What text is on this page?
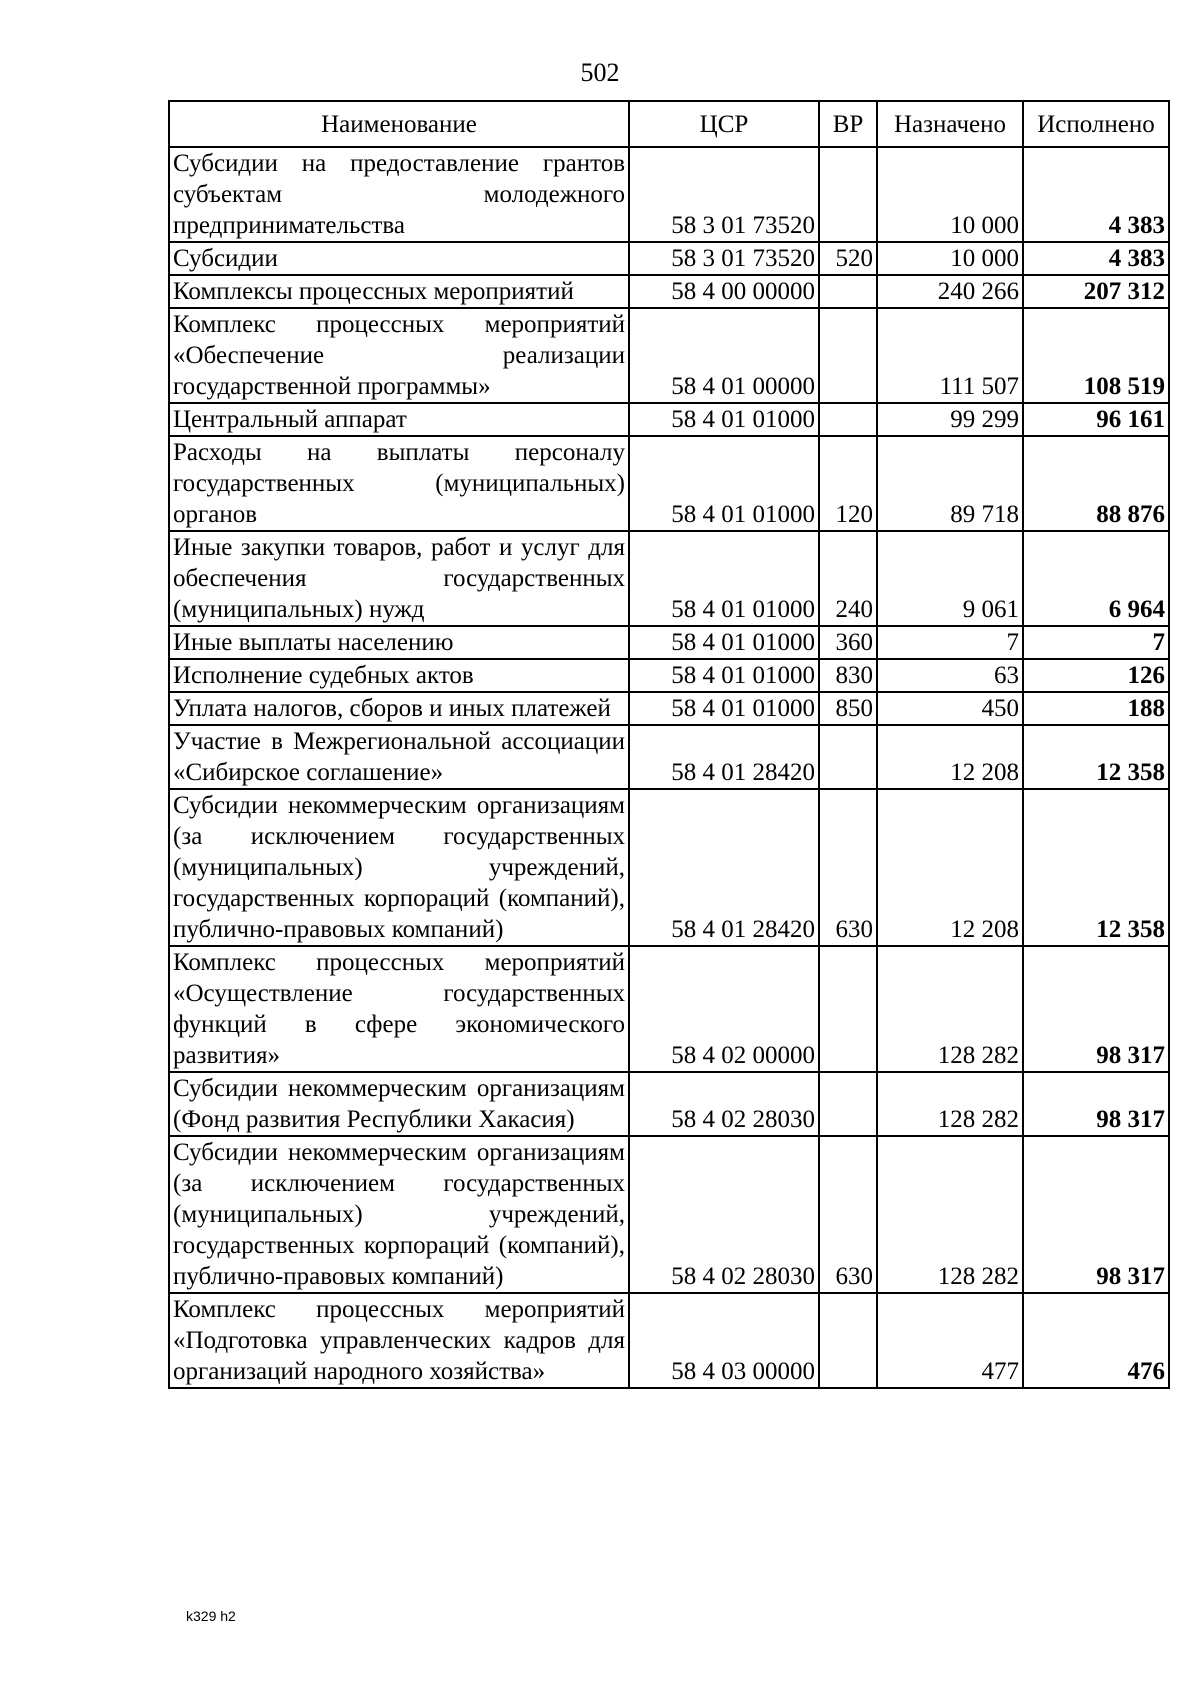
502
Наименование	ЦСР	ВР	Назначено	Исполнено
Субсидии на предоставление грантов субъектам молодежного предпринимательства	58 3 01 73520		10 000	4 383
Субсидии	58 3 01 73520	520	10 000	4 383
Комплексы процессных мероприятий	58 4 00 00000		240 266	207 312
Комплекс процессных мероприятий «Обеспечение реализации государственной программы»	58 4 01 00000		111 507	108 519
Центральный аппарат	58 4 01 01000		99 299	96 161
Расходы на выплаты персоналу государственных (муниципальных) органов	58 4 01 01000	120	89 718	88 876
Иные закупки товаров, работ и услуг для обеспечения государственных (муниципальных) нужд	58 4 01 01000	240	9 061	6 964
Иные выплаты населению	58 4 01 01000	360	7	7
Исполнение судебных актов	58 4 01 01000	830	63	126
Уплата налогов, сборов и иных платежей	58 4 01 01000	850	450	188
Участие в Межрегиональной ассоциации «Сибирское соглашение»	58 4 01 28420		12 208	12 358
Субсидии некоммерческим организациям (за исключением государственных (муниципальных) учреждений, государственных корпораций (компаний), публично-правовых компаний)	58 4 01 28420	630	12 208	12 358
Комплекс процессных мероприятий «Осуществление государственных функций в сфере экономического развития»	58 4 02 00000		128 282	98 317
Субсидии некоммерческим организациям (Фонд развития Республики Хакасия)	58 4 02 28030		128 282	98 317
Субсидии некоммерческим организациям (за исключением государственных (муниципальных) учреждений, государственных корпораций (компаний), публично-правовых компаний)	58 4 02 28030	630	128 282	98 317
Комплекс процессных мероприятий «Подготовка управленческих кадров для организаций народного хозяйства»	58 4 03 00000		477	476
k329 h2
